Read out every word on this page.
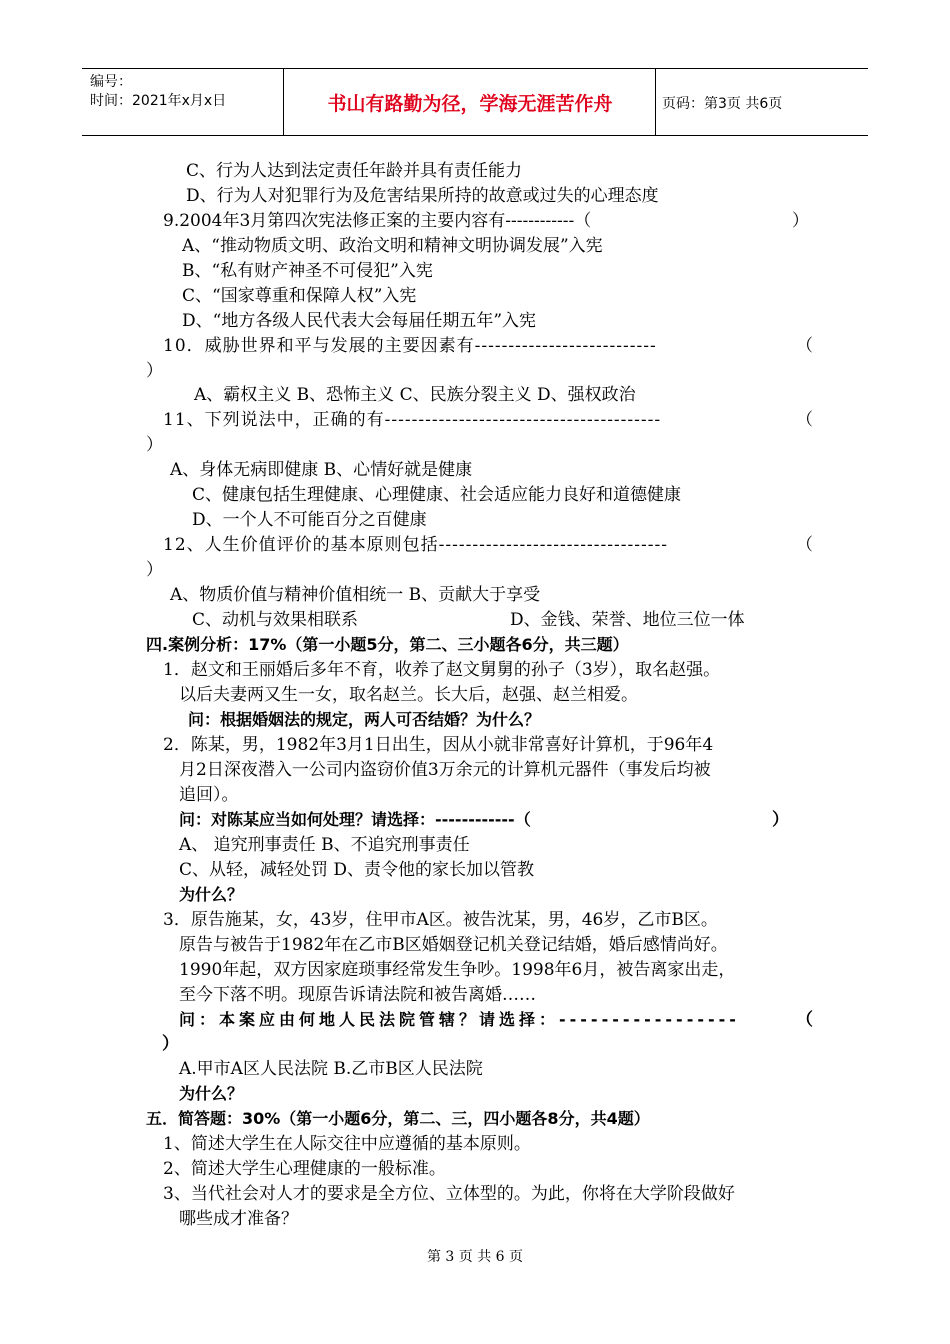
编号：
时间：2021年x月x日	书山有路勤为径，学海无涯苦作舟	页码：第3页 共6页
C、行为人达到法定责任年龄并具有责任能力
D、行为人对犯罪行为及危害结果所持的故意或过失的心理态度
9.2004年3月第四次宪法修正案的主要内容有------------（	）
A、“推动物质文明、政治文明和精神文明协调发展”入宪
B、“私有财产神圣不可侵犯”入宪
C、“国家尊重和保障人权”入宪
D、“地方各级人民代表大会每届任期五年”入宪
10．威胁世界和平与发展的主要因素有---------------------------	（
）
A、霸权主义 B、恐怖主义 C、民族分裂主义 D、强权政治
11、下列说法中，正确的有-----------------------------------------	（
）
A、身体无病即健康 B、心情好就是健康
C、健康包括生理健康、心理健康、社会适应能力良好和道德健康
D、一个人不可能百分之百健康
12、人生价值评价的基本原则包括----------------------------------	（
）
A、物质价值与精神价值相统一 B、贡献大于享受
C、动机与效果相联系	D、金钱、荣誉、地位三位一体
四.案例分析：17%（第一小题5分，第二、三小题各6分，共三题）
1．赵文和王丽婚后多年不育，收养了赵文舅舅的孙子（3岁），取名赵强。
以后夫妻两又生一女，取名赵兰。长大后，赵强、赵兰相爱。
问：根据婚姻法的规定，两人可否结婚？为什么？
2．陈某，男，1982年3月1日出生，因从小就非常喜好计算机，于96年4
月2日深夜潜入一公司内盗窃价值3万余元的计算机元器件（事发后均被
追回）。
问：对陈某应当如何处理？请选择：------------（	）
A、 追究刑事责任 B、不追究刑事责任
C、从轻，减轻处罚 D、责令他的家长加以管教
为什么？
3．原告施某，女，43岁，住甲市A区。被告沈某，男，46岁，乙市B区。
原告与被告于1982年在乙市B区婚姻登记机关登记结婚，婚后感情尚好。
1990年起，双方因家庭琐事经常发生争吵。1998年6月，被告离家出走，
至今下落不明。现原告诉请法院和被告离婚……
问：本案应由何地人民法院管辖？请选择：-----------------	（
）
A.甲市A区人民法院 B.乙市B区人民法院
为什么？
五．简答题：30%（第一小题6分，第二、三，四小题各8分，共4题）
1、简述大学生在人际交往中应遵循的基本原则。
2、简述大学生心理健康的一般标准。
3、当代社会对人才的要求是全方位、立体型的。为此，你将在大学阶段做好
哪些成才准备？
第 3 页 共 6 页
